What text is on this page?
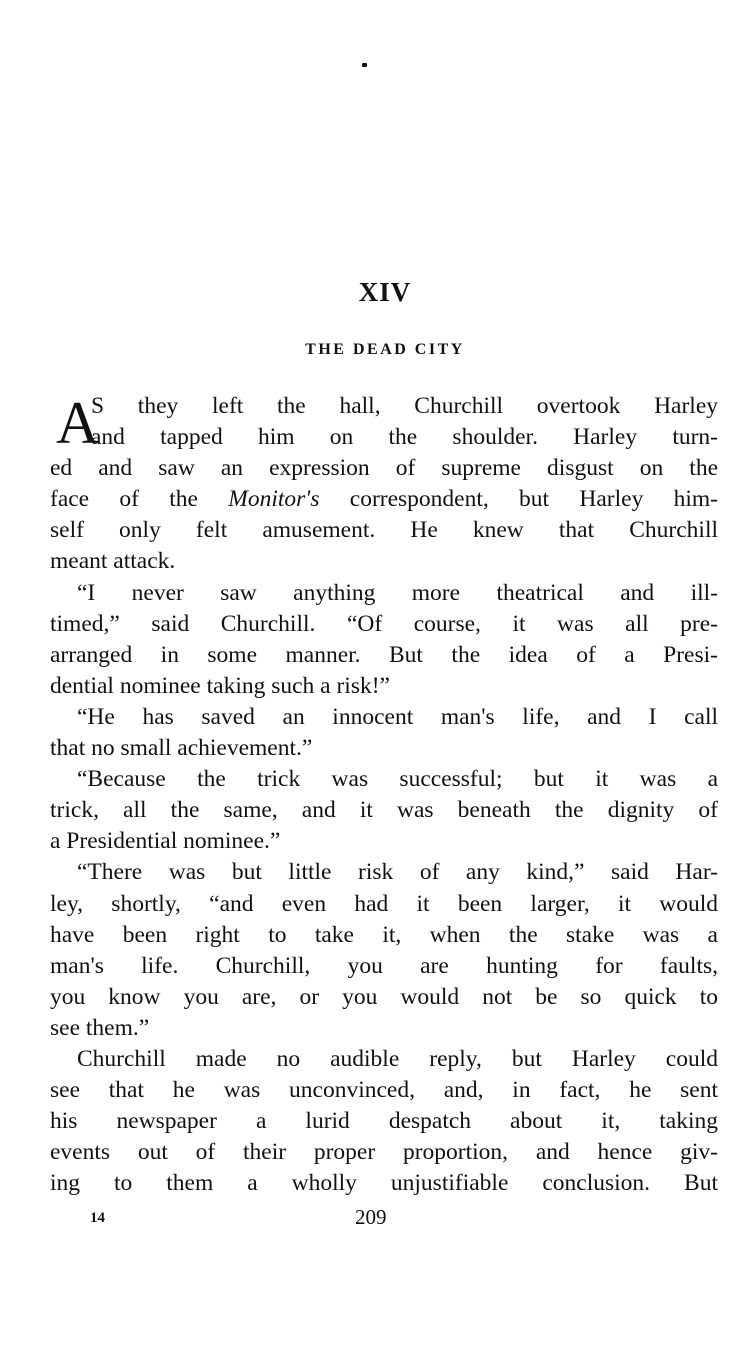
XIV
THE DEAD CITY
A
S they left the hall, Churchill overtook Harley
and tapped him on the shoulder. Harley turn-
ed and saw an expression of supreme disgust on the
face of the Monitor's correspondent, but Harley him-
self only felt amusement. He knew that Churchill
meant attack.
“I never saw anything more theatrical and ill-
timed,” said Churchill. “Of course, it was all pre-
arranged in some manner. But the idea of a Presi-
dential nominee taking such a risk!”
“He has saved an innocent man's life, and I call
that no small achievement.”
“Because the trick was successful; but it was a
trick, all the same, and it was beneath the dignity of
a Presidential nominee.”
“There was but little risk of any kind,” said Har-
ley, shortly, “and even had it been larger, it would
have been right to take it, when the stake was a
man's life. Churchill, you are hunting for faults,
you know you are, or you would not be so quick to
see them.”
Churchill made no audible reply, but Harley could
see that he was unconvinced, and, in fact, he sent
his newspaper a lurid despatch about it, taking
events out of their proper proportion, and hence giv-
ing to them a wholly unjustifiable conclusion. But

14	209
